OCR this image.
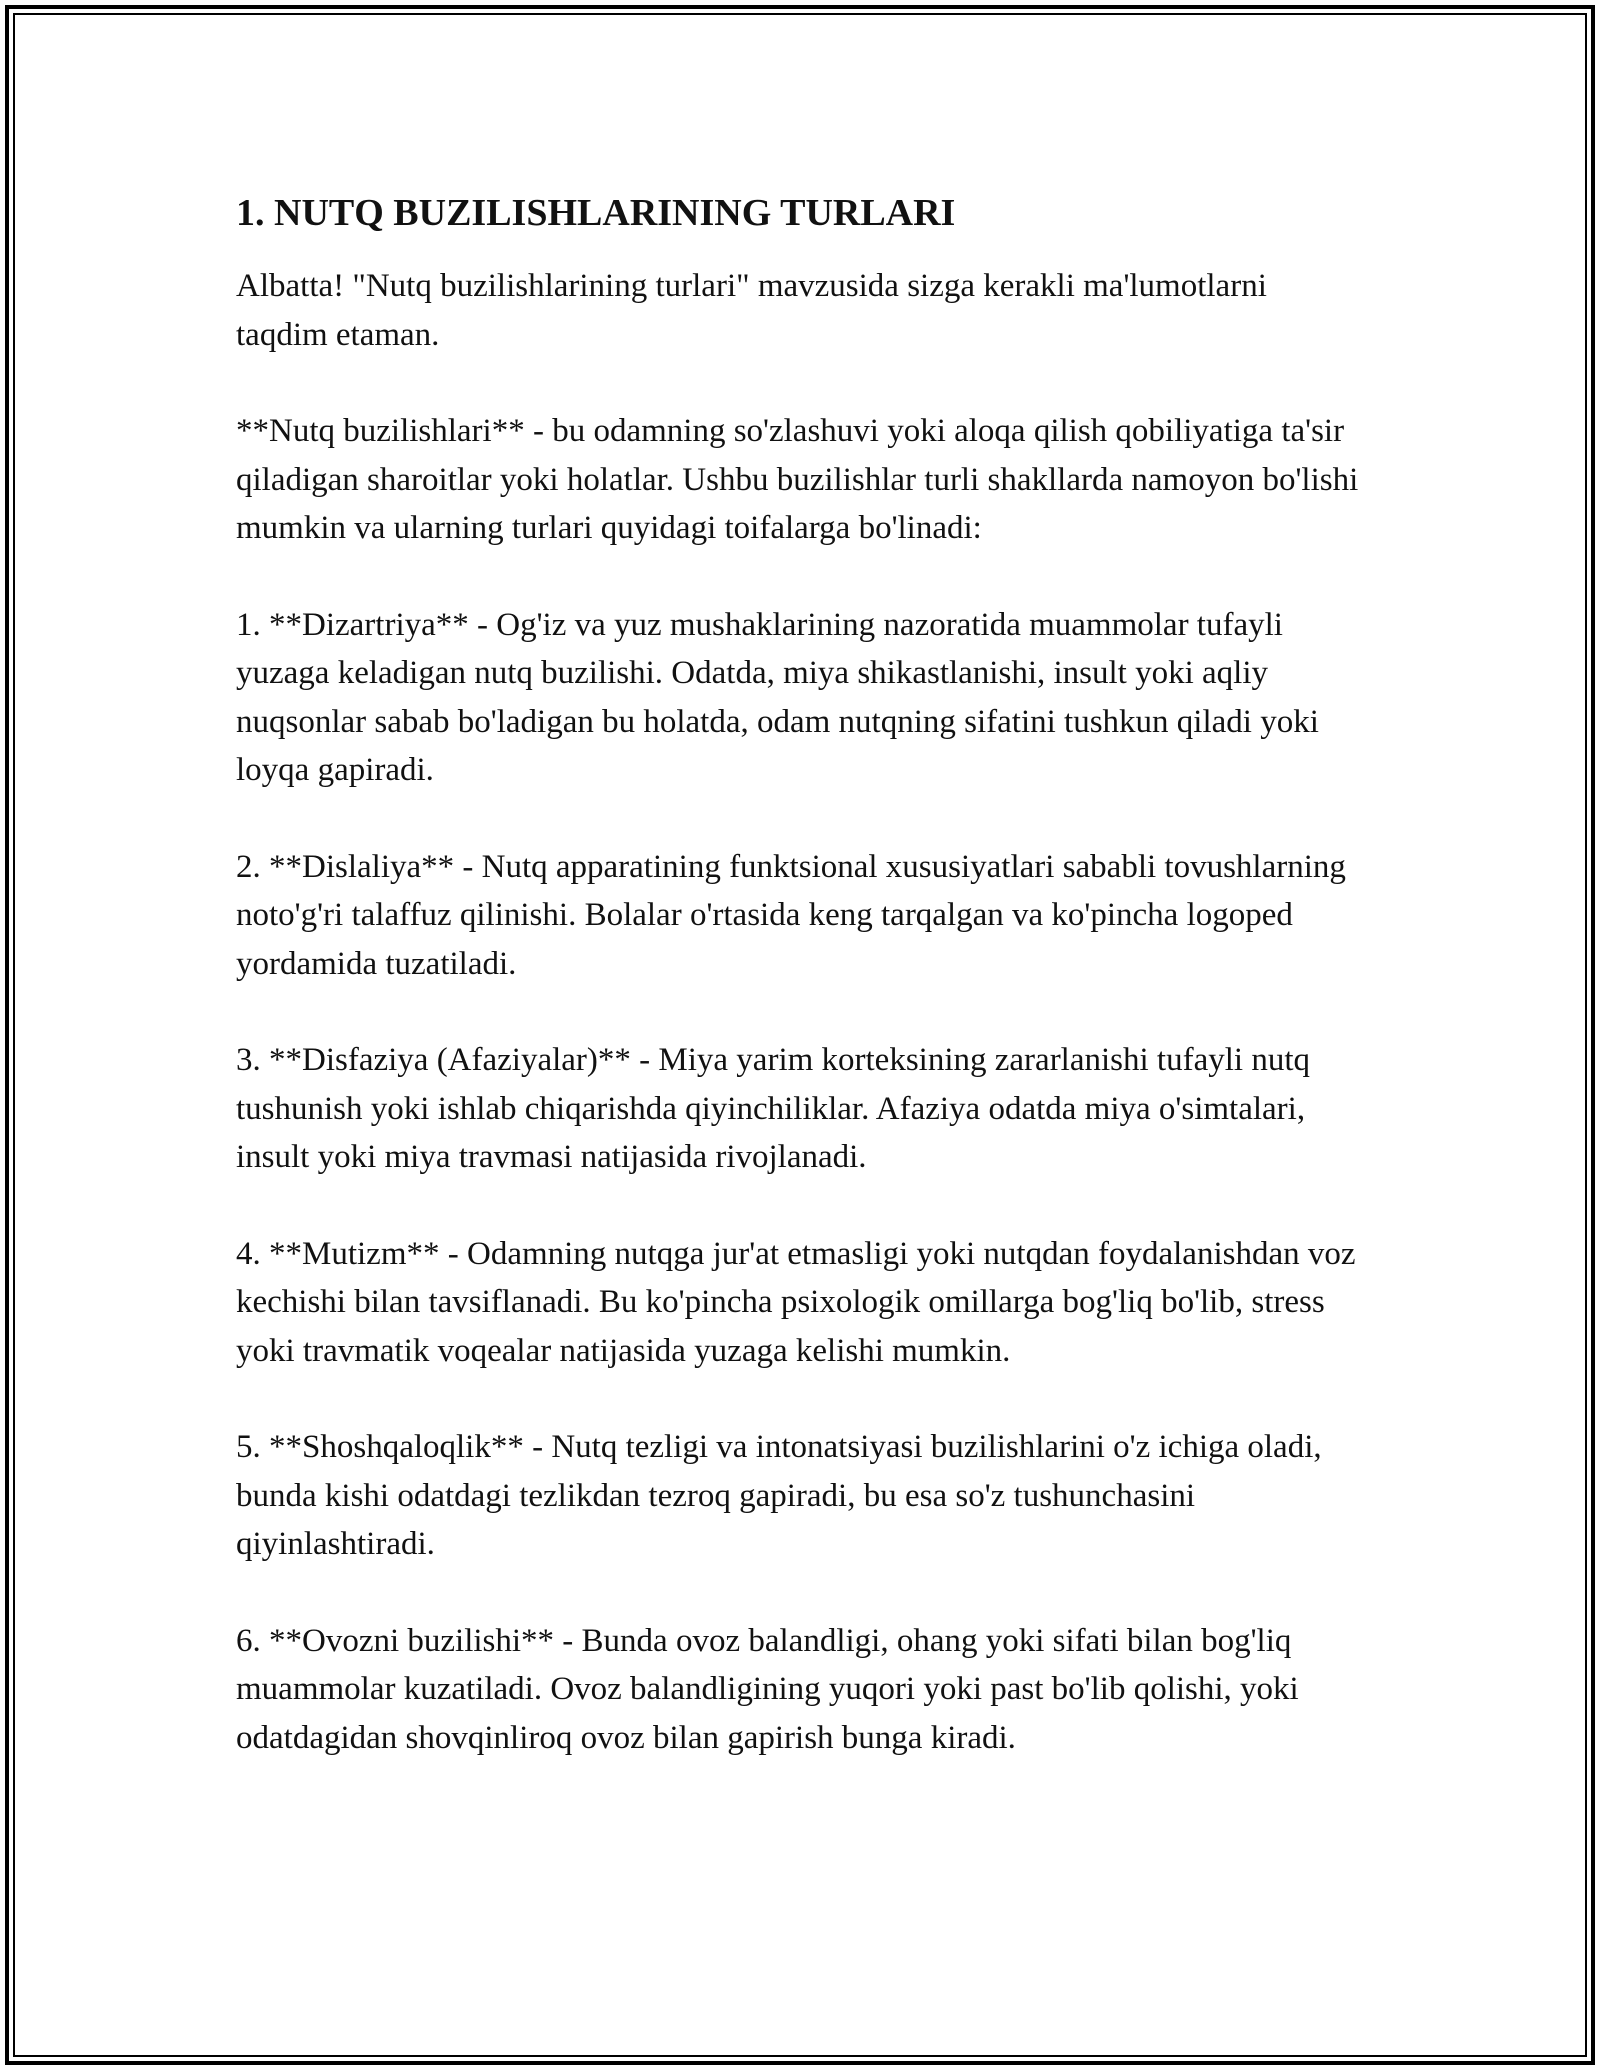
1. NUTQ BUZILISHLARINING TURLARI

Albatta! "Nutq buzilishlarining turlari" mavzusida sizga kerakli ma'lumotlarni taqdim etaman.

**Nutq buzilishlari** - bu odamning so'zlashuvi yoki aloqa qilish qobiliyatiga ta'sir qiladigan sharoitlar yoki holatlar. Ushbu buzilishlar turli shakllarda namoyon bo'lishi mumkin va ularning turlari quyidagi toifalarga bo'linadi:

1. **Dizartriya** - Og'iz va yuz mushaklarining nazoratida muammolar tufayli yuzaga keladigan nutq buzilishi. Odatda, miya shikastlanishi, insult yoki aqliy nuqsonlar sabab bo'ladigan bu holatda, odam nutqning sifatini tushkun qiladi yoki loyqa gapiradi.

2. **Dislaliya** - Nutq apparatining funktsional xususiyatlari sababli tovushlarning noto'g'ri talaffuz qilinishi. Bolalar o'rtasida keng tarqalgan va ko'pincha logoped yordamida tuzatiladi.

3. **Disfaziya (Afaziyalar)** - Miya yarim korteksining zararlanishi tufayli nutq tushunish yoki ishlab chiqarishda qiyinchiliklar. Afaziya odatda miya o'simtalari, insult yoki miya travmasi natijasida rivojlanadi.

4. **Mutizm** - Odamning nutqga jur'at etmasligi yoki nutqdan foydalanishdan voz kechishi bilan tavsiflanadi. Bu ko'pincha psixologik omillarga bog'liq bo'lib, stress yoki travmatik voqealar natijasida yuzaga kelishi mumkin.

5. **Shoshqaloqlik** - Nutq tezligi va intonatsiyasi buzilishlarini o'z ichiga oladi, bunda kishi odatdagi tezlikdan tezroq gapiradi, bu esa so'z tushunchasini qiyinlashtiradi.

6. **Ovozni buzilishi** - Bunda ovoz balandligi, ohang yoki sifati bilan bog'liq muammolar kuzatiladi. Ovoz balandligining yuqori yoki past bo'lib qolishi, yoki odatdagidan shovqinliroq ovoz bilan gapirish bunga kiradi.
